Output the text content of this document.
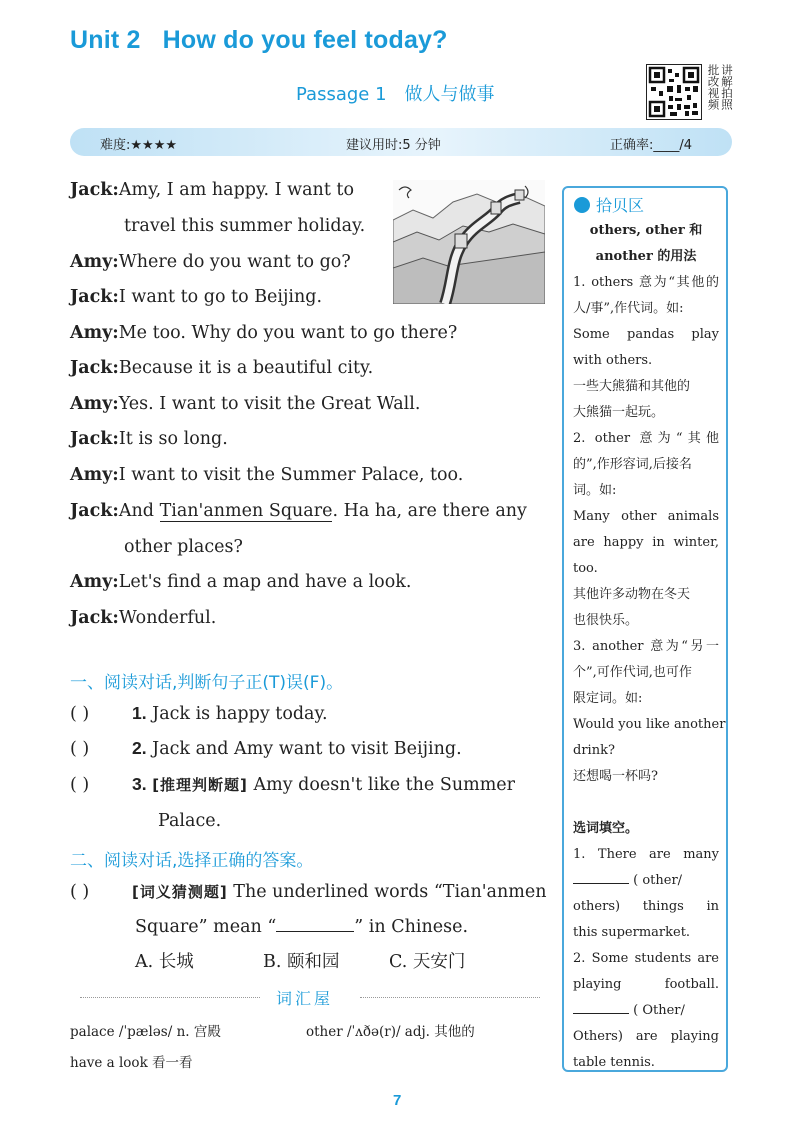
Unit 2 How do you feel today?
Passage 1 做人与做事	讲解拍照批改视频
难度:★★★★	建议用时:5 分钟	正确率:____/4
Jack:Amy, I am happy. I want to
travel this summer holiday.
Amy:Where do you want to go?
Jack:I want to go to Beijing.
Amy:Me too. Why do you want to go there?
Jack:Because it is a beautiful city.
Amy:Yes. I want to visit the Great Wall.
Jack:It is so long.
Amy:I want to visit the Summer Palace, too.
Jack:And Tian'anmen Square. Ha ha, are there any
other places?
Amy:Let's find a map and have a look.
Jack:Wonderful.
一、阅读对话,判断句子正(T)误(F)。
( ) 1. Jack is happy today.
( ) 2. Jack and Amy want to visit Beijing.
( ) 3. [推理判断题] Amy doesn't like the Summer
Palace.
二、阅读对话,选择正确的答案。
( )	[词义猜测题] The underlined words “Tian'anmen
Square” mean “	” in Chinese.
A. 长城	B. 颐和园	C. 天安门
词汇屋
palace /ˈpæləs/ n. 宫殿	other /ˈʌðə(r)/ adj. 其他的
have a look 看一看
7
拾贝区
others, other 和
another 的用法
1. others 意为“其他的
人/事”,作代词。如:
Some pandas play
with others.
一些大熊猫和其他的
大熊猫一起玩。
2. other 意为“其他
的”,作形容词,后接名
词。如:
Many other animals
are happy in winter,
too.
其他许多动物在冬天
也很快乐。
3. another 意为“另一
个”,可作代词,也可作
限定词。如:
Would you like another
drink?
还想喝一杯吗?
选词填空。
1. There are many
( other/
others) things in
this supermarket.
2. Some students are
playing football.
( Other/
Others) are playing
table tennis.
